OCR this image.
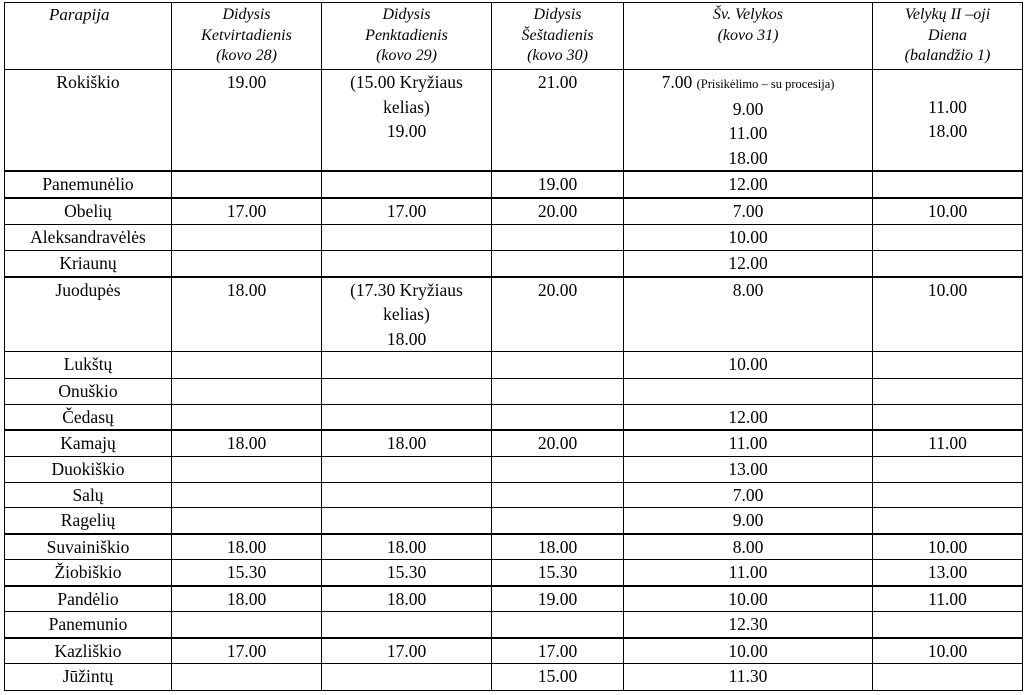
Parapija	Didysis
Ketvirtadienis
(kovo 28)	Didysis
Penktadienis
(kovo 29)	Didysis
Šeštadienis
(kovo 30)	Šv. Velykos
(kovo 31)	Velykų II –oji
Diena
(balandžio 1)

Rokiškio	19.00	(15.00 Kryžiaus
kelias)
19.00	21.00	7.00 (Prisikėlimo – su procesija)
9.00
11.00
18.00	11.00
18.00

Panemunėlio			19.00	12.00	

Obelių	17.00	17.00	20.00	7.00	10.00

Aleksandravėlės				10.00	

Kriaunų				12.00	

Juodupės	18.00	(17.30 Kryžiaus
kelias)
18.00	20.00	8.00	10.00

Lukštų				10.00	

Onuškio					

Čedasų				12.00	

Kamajų	18.00	18.00	20.00	11.00	11.00

Duokiškio				13.00	

Salų				7.00	

Ragelių				9.00	

Suvainiškio	18.00	18.00	18.00	8.00	10.00

Žiobiškio	15.30	15.30	15.30	11.00	13.00

Pandėlio	18.00	18.00	19.00	10.00	11.00

Panemunio				12.30	

Kazliškio	17.00	17.00	17.00	10.00	10.00

Jūžintų			15.00	11.30	
